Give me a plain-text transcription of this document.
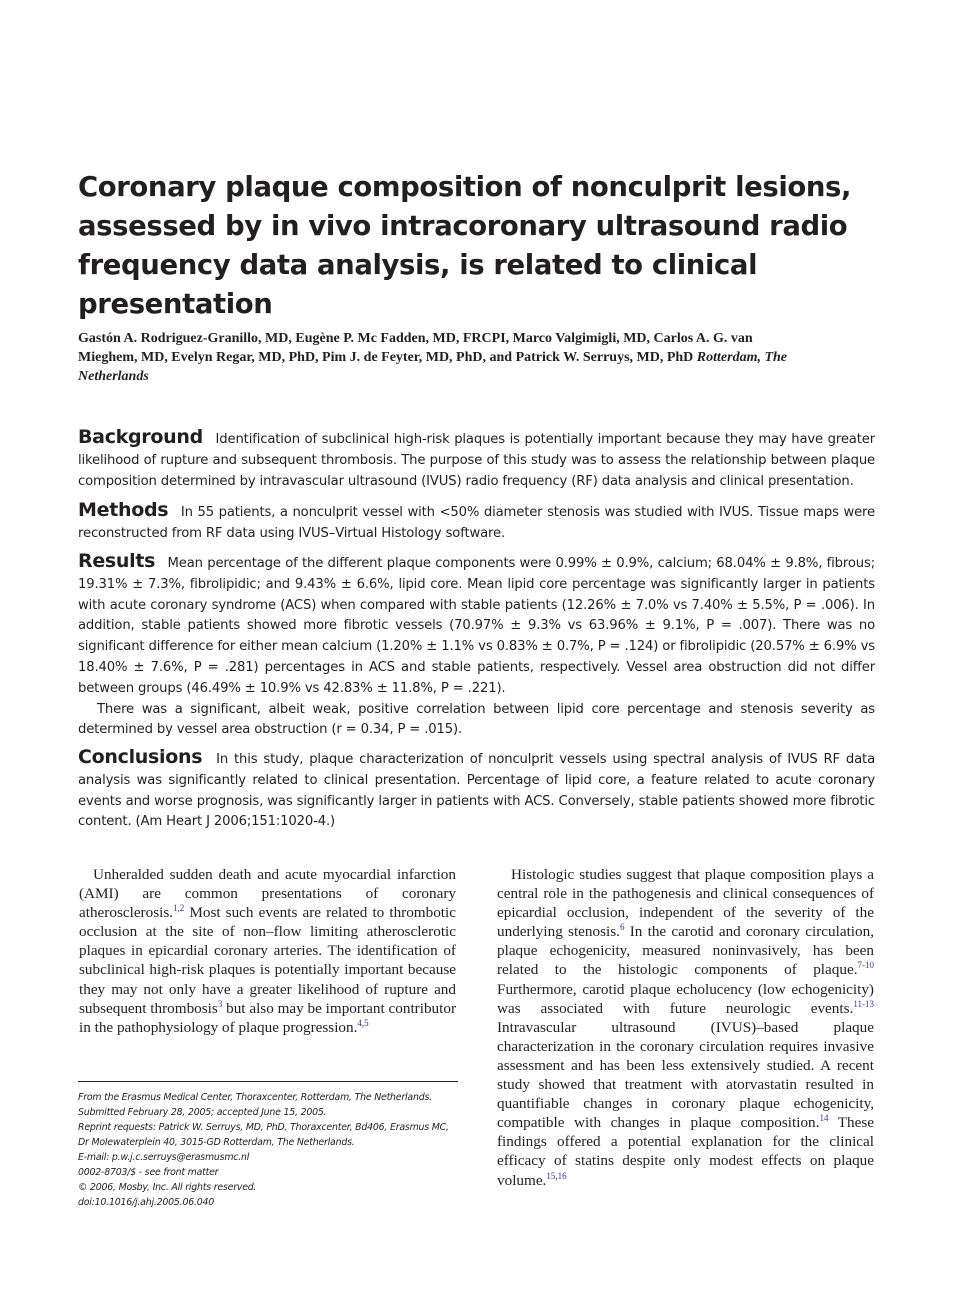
Coronary plaque composition of nonculprit lesions, assessed by in vivo intracoronary ultrasound radio frequency data analysis, is related to clinical presentation

Gastón A. Rodriguez-Granillo, MD, Eugène P. Mc Fadden, MD, FRCPI, Marco Valgimigli, MD, Carlos A. G. van Mieghem, MD, Evelyn Regar, MD, PhD, Pim J. de Feyter, MD, PhD, and Patrick W. Serruys, MD, PhD Rotterdam, The Netherlands

Background Identification of subclinical high-risk plaques is potentially important because they may have greater likelihood of rupture and subsequent thrombosis. The purpose of this study was to assess the relationship between plaque composition determined by intravascular ultrasound (IVUS) radio frequency (RF) data analysis and clinical presentation.
Methods In 55 patients, a nonculprit vessel with <50% diameter stenosis was studied with IVUS. Tissue maps were reconstructed from RF data using IVUS–Virtual Histology software.
Results Mean percentage of the different plaque components were 0.99% ± 0.9%, calcium; 68.04% ± 9.8%, fibrous; 19.31% ± 7.3%, fibrolipidic; and 9.43% ± 6.6%, lipid core. Mean lipid core percentage was significantly larger in patients with acute coronary syndrome (ACS) when compared with stable patients (12.26% ± 7.0% vs 7.40% ± 5.5%, P = .006). In addition, stable patients showed more fibrotic vessels (70.97% ± 9.3% vs 63.96% ± 9.1%, P = .007). There was no significant difference for either mean calcium (1.20% ± 1.1% vs 0.83% ± 0.7%, P = .124) or fibrolipidic (20.57% ± 6.9% vs 18.40% ± 7.6%, P = .281) percentages in ACS and stable patients, respectively. Vessel area obstruction did not differ between groups (46.49% ± 10.9% vs 42.83% ± 11.8%, P = .221).

There was a significant, albeit weak, positive correlation between lipid core percentage and stenosis severity as determined by vessel area obstruction (r = 0.34, P = .015).

Conclusions In this study, plaque characterization of nonculprit vessels using spectral analysis of IVUS RF data analysis was significantly related to clinical presentation. Percentage of lipid core, a feature related to acute coronary events and worse prognosis, was significantly larger in patients with ACS. Conversely, stable patients showed more fibrotic content. (Am Heart J 2006;151:1020-4.)

Unheralded sudden death and acute myocardial infarction (AMI) are common presentations of coronary atherosclerosis.$^{1,2}$ Most such events are related to thrombotic occlusion at the site of non–flow limiting atherosclerotic plaques in epicardial coronary arteries. The identification of subclinical high-risk plaques is potentially important because they may not only have a greater likelihood of rupture and subsequent thrombosis$^3$ but also may be important contributor in the pathophysiology of plaque progression.$^{4,5}$

Histologic studies suggest that plaque composition plays a central role in the pathogenesis and clinical consequences of epicardial occlusion, independent of the severity of the underlying stenosis.$^6$ In the carotid and coronary circulation, plaque echogenicity, measured noninvasively, has been related to the histologic components of plaque.$^{7-10}$ Furthermore, carotid plaque echolucency (low echogenicity) was associated with future neurologic events.$^{11-13}$ Intravascular ultrasound (IVUS)–based plaque characterization in the coronary circulation requires invasive assessment and has been less extensively studied. A recent study showed that treatment with atorvastatin resulted in quantifiable changes in coronary plaque echogenicity, compatible with changes in plaque composition.$^{14}$ These findings offered a potential explanation for the clinical efficacy of statins despite only modest effects on plaque volume.$^{15,16}$

From the Erasmus Medical Center, Thoraxcenter, Rotterdam, The Netherlands.
Submitted February 28, 2005; accepted June 15, 2005.
Reprint requests: Patrick W. Serruys, MD, PhD, Thoraxcenter, Bd406, Erasmus MC,
Dr Molewaterplein 40, 3015-GD Rotterdam, The Netherlands.
E-mail: p.w.j.c.serruys@erasmusmc.nl
0002-8703/$ - see front matter
© 2006, Mosby, Inc. All rights reserved.
doi:10.1016/j.ahj.2005.06.040
